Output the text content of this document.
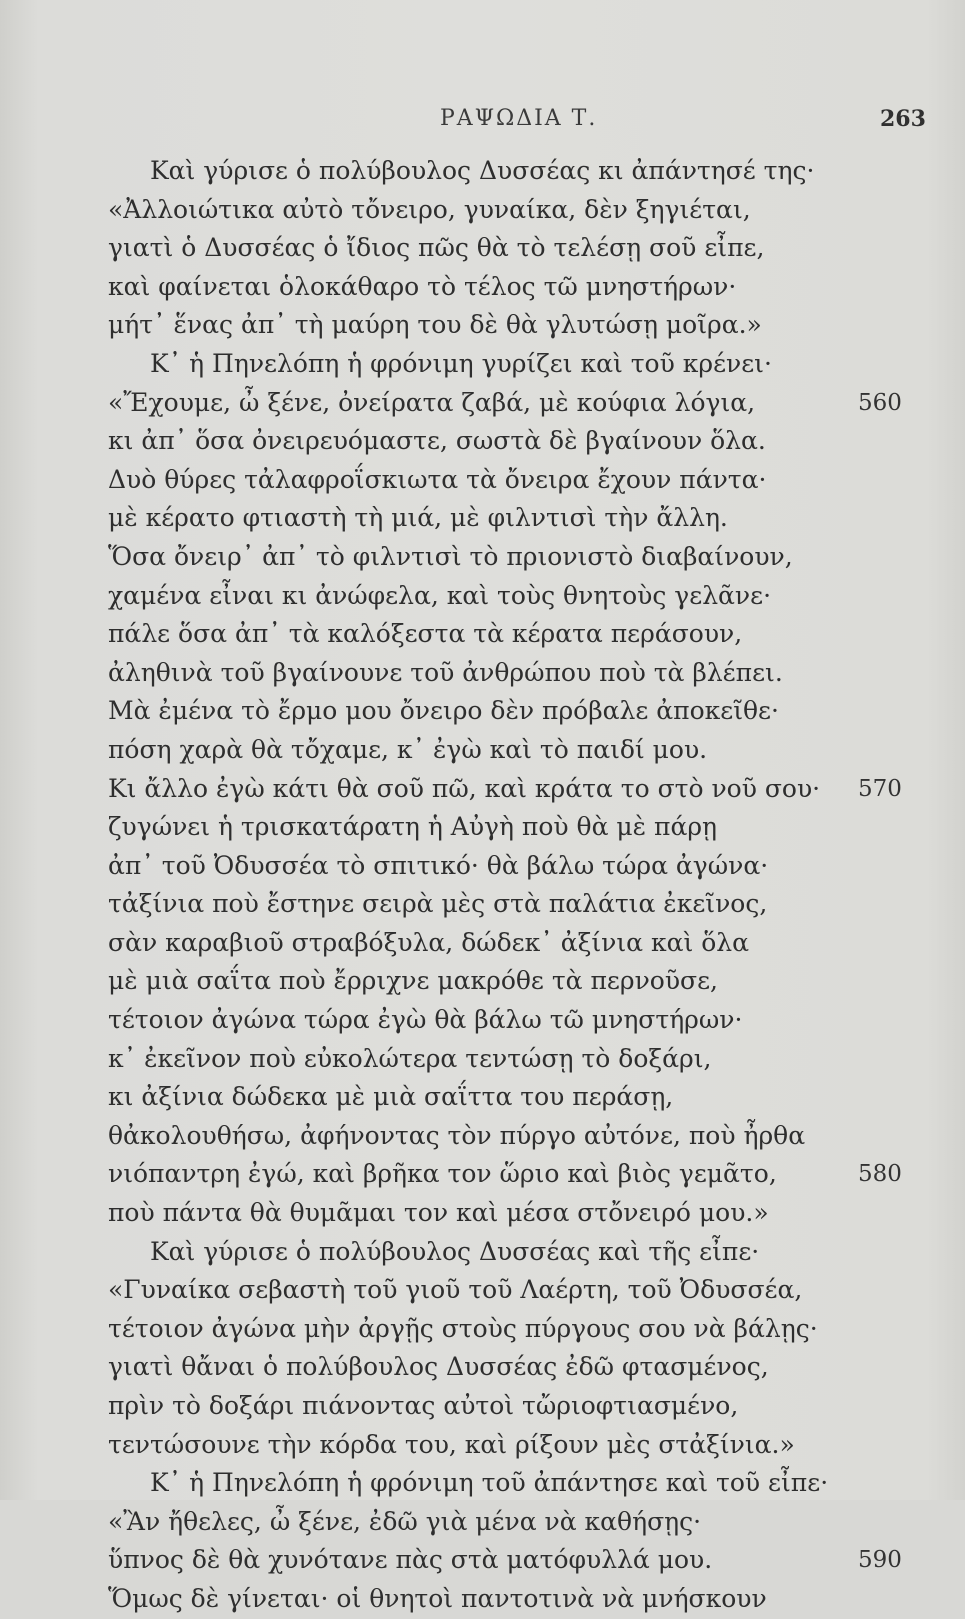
ΡΑΨΩΔΙΑ Τ.	263
Καὶ γύρισε ὁ πολύβουλος Δυσσέας κι ἀπάντησέ της·
«Ἀλλοιώτικα αὐτὸ τὄνειρο, γυναίκα, δὲν ξηγιέται,
γιατὶ ὁ Δυσσέας ὁ ἴδιος πῶς θὰ τὸ τελέσῃ σοῦ εἶπε,
καὶ φαίνεται ὁλοκάθαρο τὸ τέλος τῶ μνηστήρων·
μήτ᾽ ἕνας ἀπ᾽ τὴ μαύρη του δὲ θὰ γλυτώσῃ μοῖρα.»
Κ᾽ ἡ Πηνελόπη ἡ φρόνιμη γυρίζει καὶ τοῦ κρένει·
«Ἔχουμε, ὦ ξένε, ὀνείρατα ζαβά, μὲ κούφια λόγια,	560
κι ἀπ᾽ ὅσα ὀνειρευόμαστε, σωστὰ δὲ βγαίνουν ὅλα.
Δυὸ θύρες τἀλαφροΐσκιωτα τὰ ὄνειρα ἔχουν πάντα·
μὲ κέρατο φτιαστὴ τὴ μιά, μὲ φιλντισὶ τὴν ἄλλη.
Ὅσα ὄνειρ᾽ ἀπ᾽ τὸ φιλντισὶ τὸ πριονιστὸ διαβαίνουν,
χαμένα εἶναι κι ἀνώφελα, καὶ τοὺς θνητοὺς γελᾶνε·
πάλε ὅσα ἀπ᾽ τὰ καλόξεστα τὰ κέρατα περάσουν,
ἀληθινὰ τοῦ βγαίνουνε τοῦ ἀνθρώπου ποὺ τὰ βλέπει.
Μὰ ἐμένα τὸ ἔρμο μου ὄνειρο δὲν πρόβαλε ἀποκεῖθε·
πόση χαρὰ θὰ τὄχαμε, κ᾽ ἐγὼ καὶ τὸ παιδί μου.
Κι ἄλλο ἐγὼ κάτι θὰ σοῦ πῶ, καὶ κράτα το στὸ νοῦ σου· 570
ζυγώνει ἡ τρισκατάρατη ἡ Αὐγὴ ποὺ θὰ μὲ πάρῃ
ἀπ᾽ τοῦ Ὀδυσσέα τὸ σπιτικό· θὰ βάλω τώρα ἀγώνα·
τἀξίνια ποὺ ἔστηνε σειρὰ μὲς στὰ παλάτια ἐκεῖνος,
σὰν καραβιοῦ στραβόξυλα, δώδεκ᾽ ἀξίνια καὶ ὅλα
μὲ μιὰ σαΐτα ποὺ ἔρριχνε μακρόθε τὰ περνοῦσε,
τέτοιον ἀγώνα τώρα ἐγὼ θὰ βάλω τῶ μνηστήρων·
κ᾽ ἐκεῖνον ποὺ εὐκολώτερα τεντώσῃ τὸ δοξάρι,
κι ἀξίνια δώδεκα μὲ μιὰ σαΐττα του περάσῃ,
θἀκολουθήσω, ἀφήνοντας τὸν πύργο αὐτόνε, ποὺ ἦρθα
νιόπαντρη ἐγώ, καὶ βρῆκα τον ὥριο καὶ βιὸς γεμᾶτο,	580
ποὺ πάντα θὰ θυμᾶμαι τον καὶ μέσα στὄνειρό μου.»
Καὶ γύρισε ὁ πολύβουλος Δυσσέας καὶ τῆς εἶπε·
«Γυναίκα σεβαστὴ τοῦ γιοῦ τοῦ Λαέρτη, τοῦ Ὀδυσσέα,
τέτοιον ἀγώνα μὴν ἀργῇς στοὺς πύργους σου νὰ βάλῃς·
γιατὶ θἄναι ὁ πολύβουλος Δυσσέας ἐδῶ φτασμένος,
πρὶν τὸ δοξάρι πιάνοντας αὐτοὶ τὤριοφτιασμένο,
τεντώσουνε τὴν κόρδα του, καὶ ρίξουν μὲς στἀξίνια.»
Κ᾽ ἡ Πηνελόπη ἡ φρόνιμη τοῦ ἀπάντησε καὶ τοῦ εἶπε·
«Ἂν ἤθελες, ὦ ξένε, ἐδῶ γιὰ μένα νὰ καθήσῃς·
ὕπνος δὲ θὰ χυνότανε πὰς στὰ ματόφυλλά μου.	590
Ὅμως δὲ γίνεται· οἱ θνητοὶ παντοτινὰ νὰ μνήσκουν
